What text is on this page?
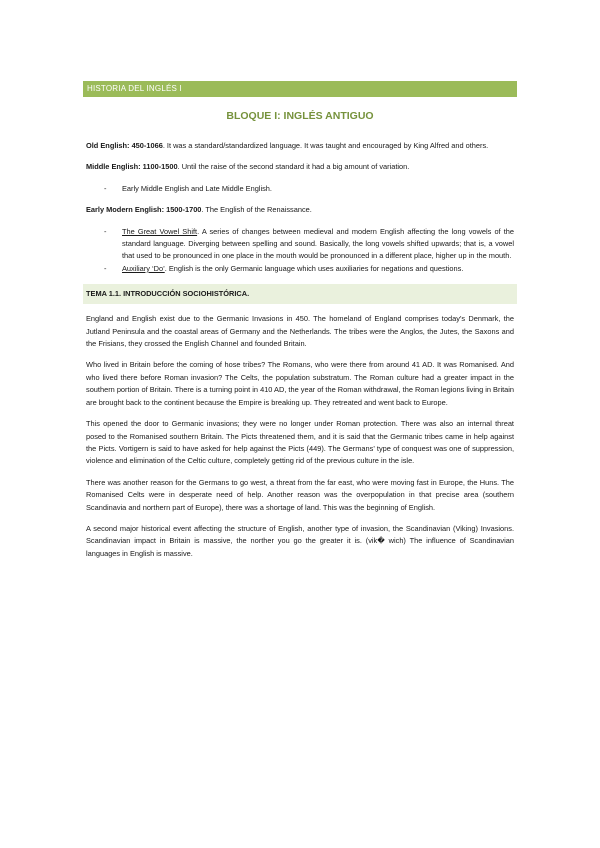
HISTORIA DEL INGLÉS I
BLOQUE I: INGLÉS ANTIGUO

Old English: 450-1066. It was a standard/standardized language. It was taught and encouraged by King Alfred and others.

Middle English: 1100-1500. Until the raise of the second standard it had a big amount of variation.

- Early Middle English and Late Middle English.

Early Modern English: 1500-1700. The English of the Renaissance.

- The Great Vowel Shift. A series of changes between medieval and modern English affecting the long vowels of the standard language. Diverging between spelling and sound. Basically, the long vowels shifted upwards; that is, a vowel that used to be pronounced in one place in the mouth would be pronounced in a different place, higher up in the mouth.
- Auxiliary ‘Do’. English is the only Germanic language which uses auxiliaries for negations and questions.
TEMA 1.1. INTRODUCCIÓN SOCIOHISTÓRICA.

England and English exist due to the Germanic Invasions in 450. The homeland of England comprises today’s Denmark, the Jutland Peninsula and the coastal areas of Germany and the Netherlands. The tribes were the Anglos, the Jutes, the Saxons and the Frisians, they crossed the English Channel and founded Britain.

Who lived in Britain before the coming of hose tribes? The Romans, who were there from around 41 AD. It was Romanised. And who lived there before Roman invasion? The Celts, the population substratum. The Roman culture had a greater impact in the southern portion of Britain. There is a turning point in 410 AD, the year of the Roman withdrawal, the Roman legions living in Britain are brought back to the continent because the Empire is breaking up. They retreated and went back to Europe.

This opened the door to Germanic invasions; they were no longer under Roman protection. There was also an internal threat posed to the Romanised southern Britain. The Picts threatened them, and it is said that the Germanic tribes came in help against the Picts. Vortigern is said to have asked for help against the Picts (449). The Germans’ type of conquest was one of suppression, violence and elimination of the Celtic culture, completely getting rid of the previous culture in the isle.

There was another reason for the Germans to go west, a threat from the far east, who were moving fast in Europe, the Huns. The Romanised Celts were in desperate need of help. Another reason was the overpopulation in that precise area (southern Scandinavia and northern part of Europe), there was a shortage of land. This was the beginning of English.

A second major historical event affecting the structure of English, another type of invasion, the Scandinavian (Viking) Invasions. Scandinavian impact in Britain is massive, the norther you go the greater it is. (vik� wich) The influence of Scandinavian languages in English is massive.
